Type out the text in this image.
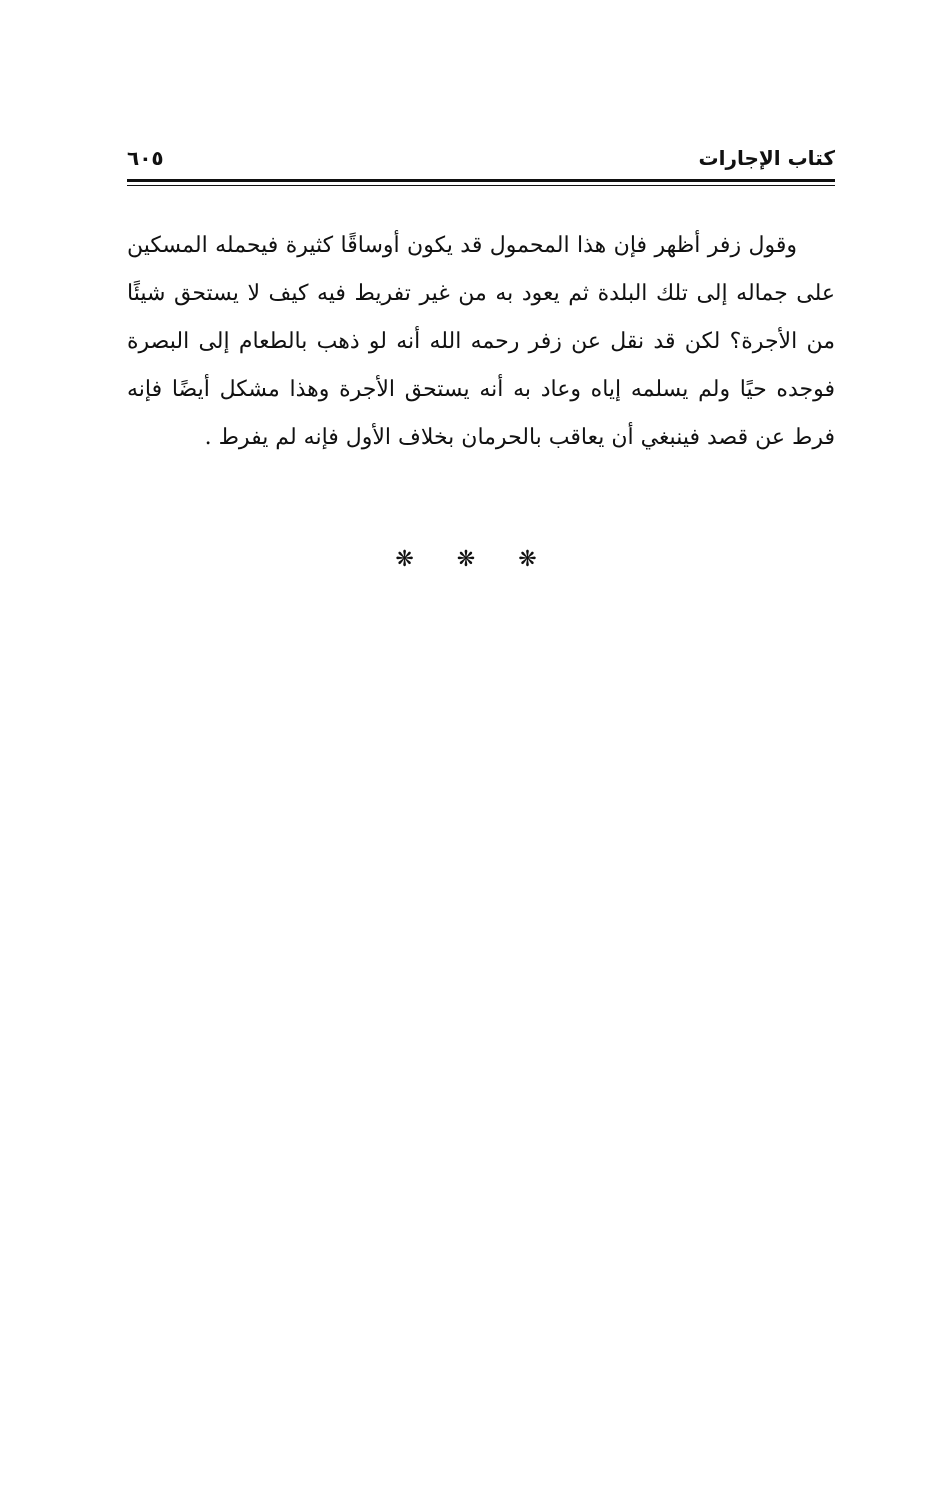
كتاب الإجارات
٦٠٥
وقول زفر أظهر فإن هذا المحمول قد يكون أوساقًا كثيرة فيحمله المسكين
على جماله إلى تلك البلدة ثم يعود به من غير تفريط فيه كيف لا يستحق شيئًا
من الأجرة؟ لكن قد نقل عن زفر رحمه الله أنه لو ذهب بالطعام إلى البصرة
فوجده حيًا ولم يسلمه إياه وعاد به أنه يستحق الأجرة وهذا مشكل أيضًا فإنه
فرط عن قصد فينبغي أن يعاقب بالحرمان بخلاف الأول فإنه لم يفرط .
❋ ❋ ❋
